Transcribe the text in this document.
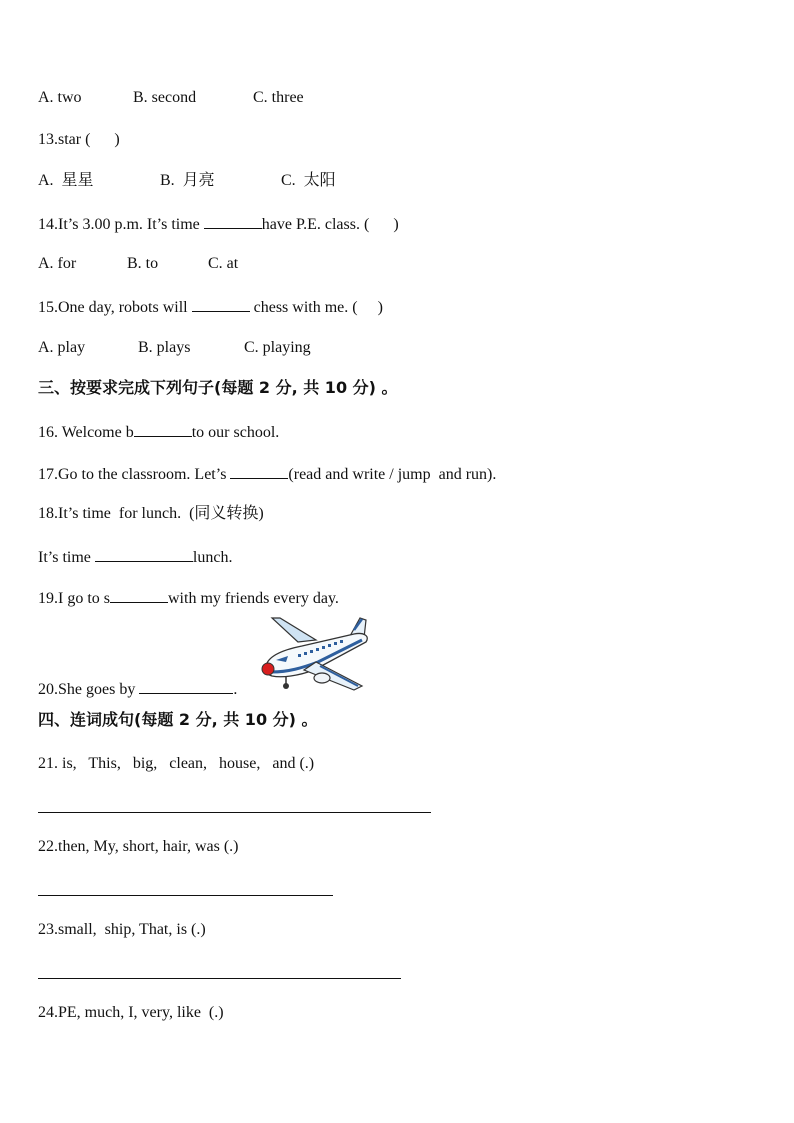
A. two	B. second	C. three
13.star (      )
A.  星星	B.  月亮	C.  太阳
14.It’s 3.00 p.m. It’s time	have P.E. class. (      )
A. for	B. to	C. at
15.One day, robots will	chess with me. (     )
A. play	B. plays	C. playing
三、按要求完成下列句子(每题 2 分, 共 10 分) 。
16. Welcome b	to our school.
17.Go to the classroom. Let’s	(read and write / jump  and run).
18.It’s time  for lunch.  (同义转换)
It’s time	lunch.
19.I go to s	with my friends every day.
20.She goes by	.
四、连词成句(每题 2 分, 共 10 分) 。
21. is,   This,   big,   clean,   house,   and (.)
22.then, My, short, hair, was (.)
23.small,  ship, That, is (.)
24.PE, much, I, very, like  (.)
